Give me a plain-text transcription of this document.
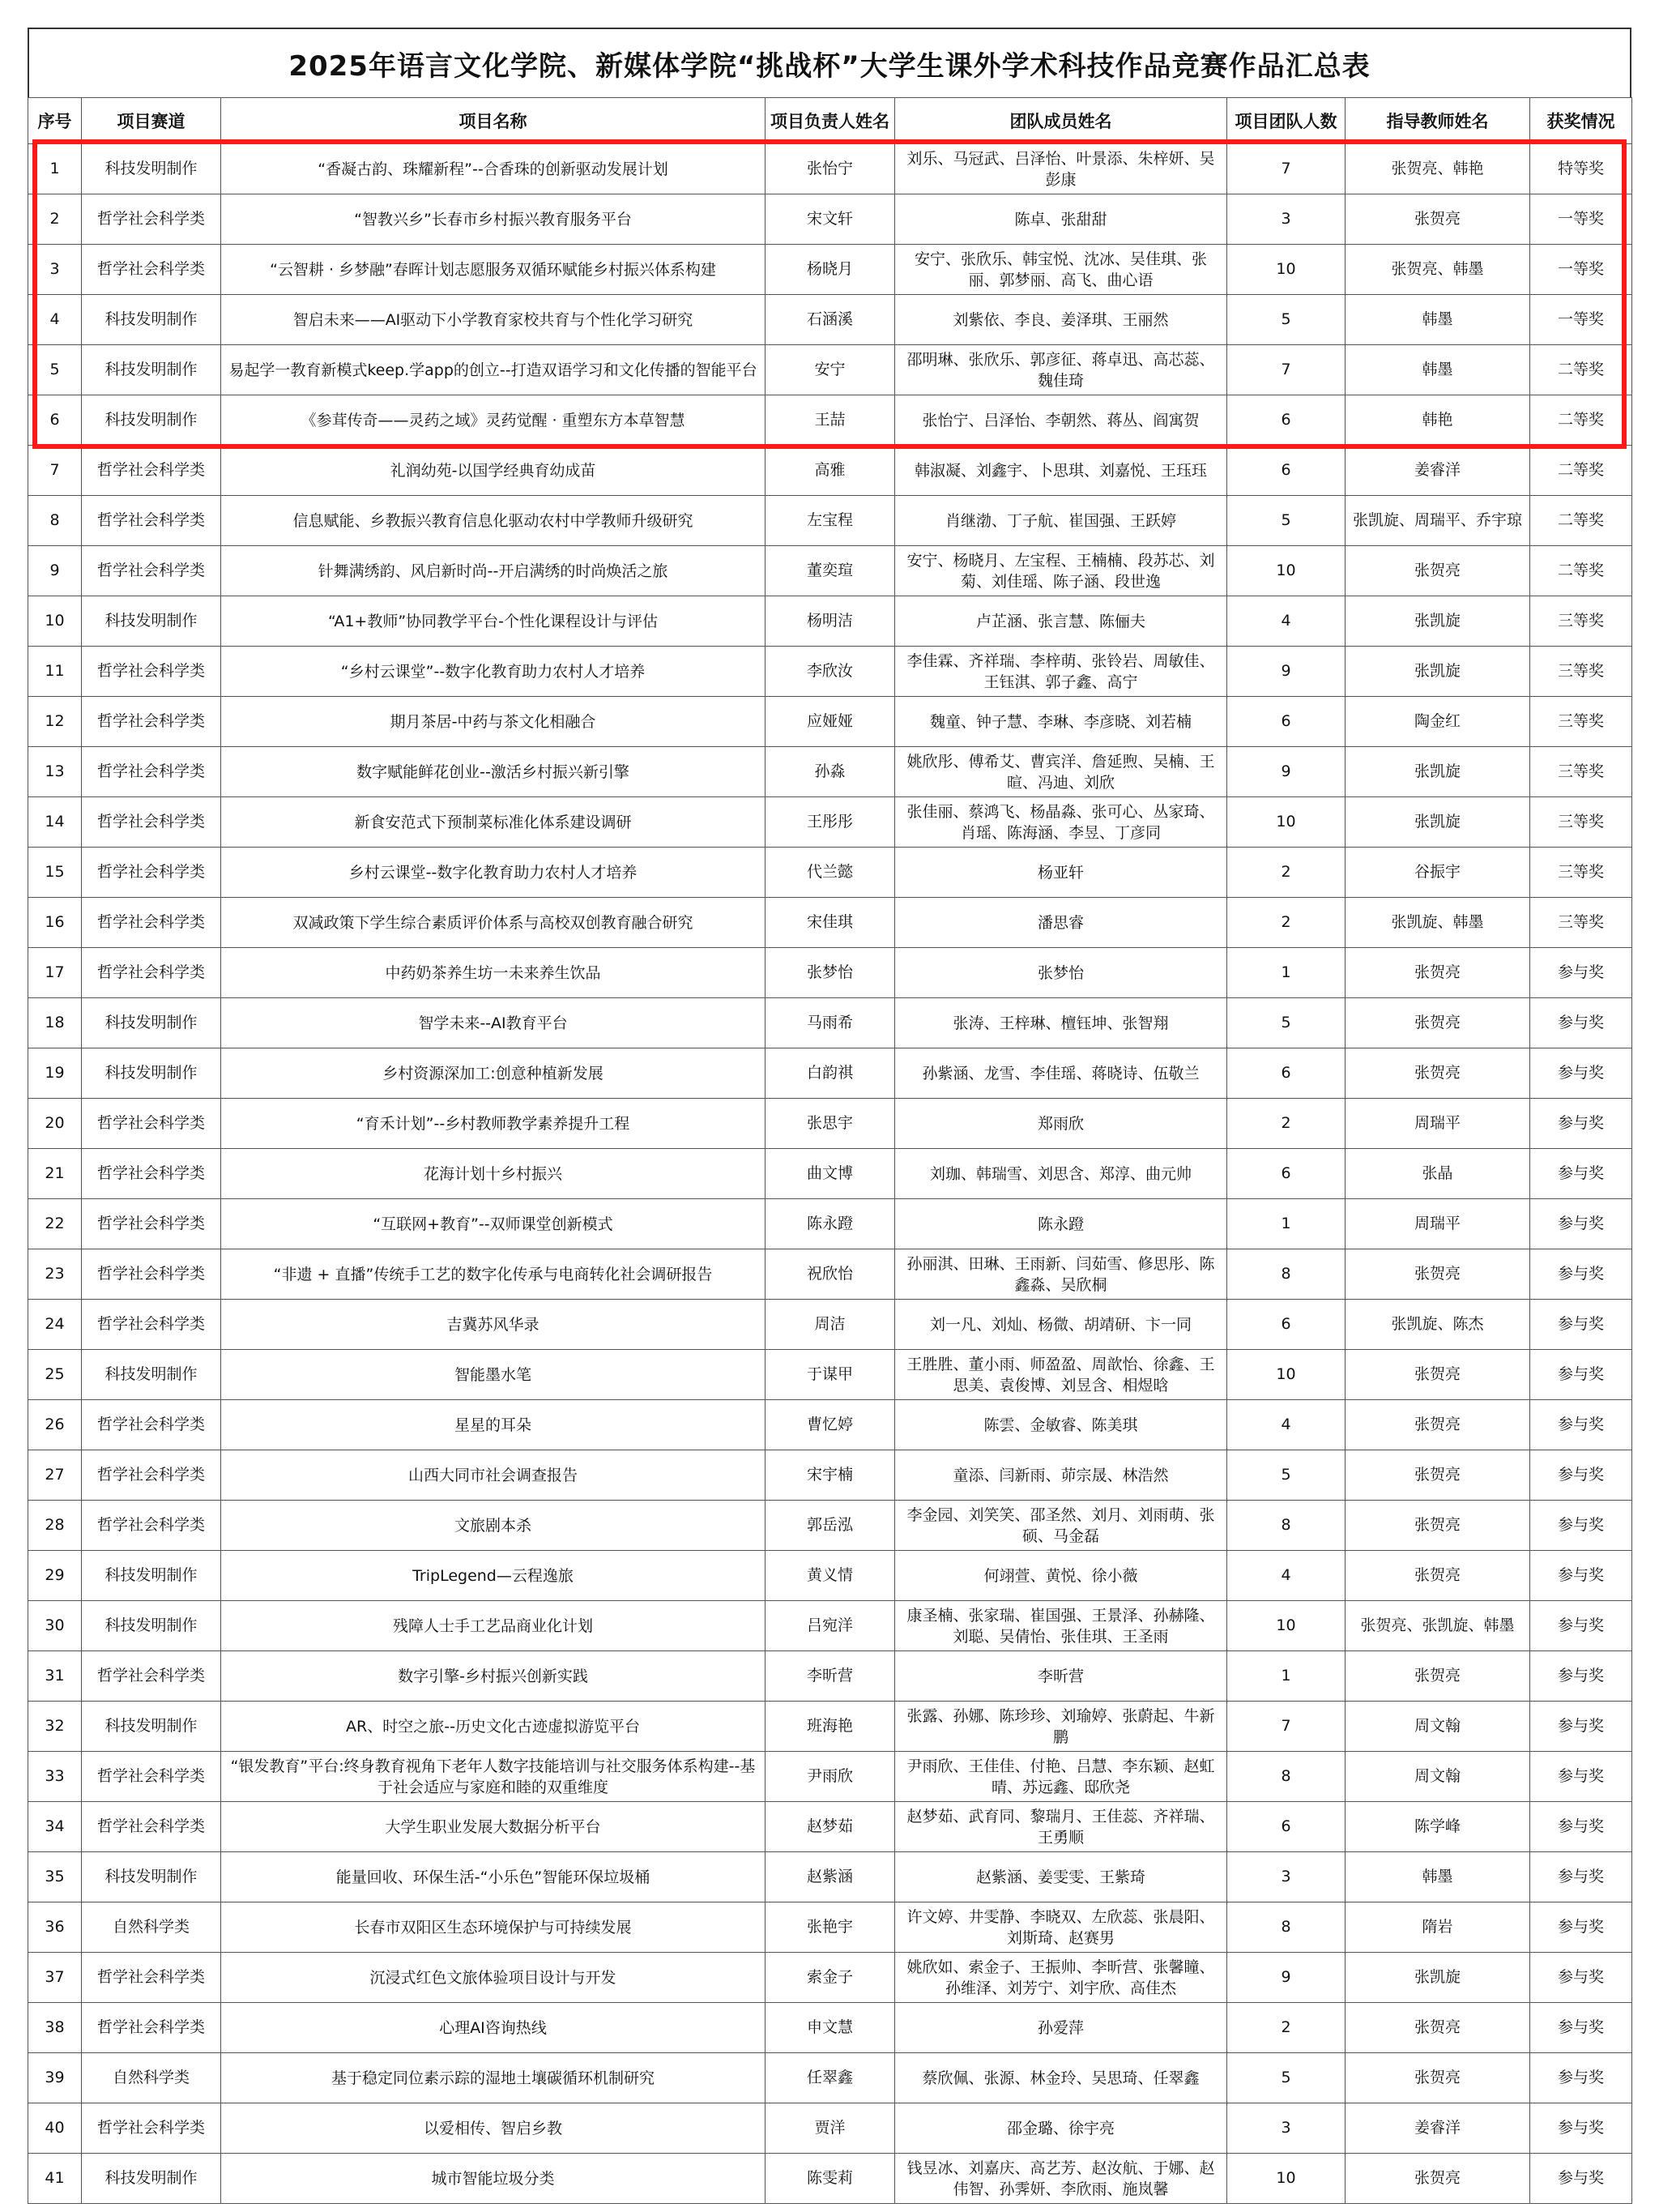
2025年语言文化学院、新媒体学院“挑战杯”大学生课外学术科技作品竞赛作品汇总表
序号	项目赛道	项目名称	项目负责人姓名	团队成员姓名	项目团队人数	指导教师姓名	获奖情况
1	科技发明制作	“香凝古韵、珠耀新程”--合香珠的创新驱动发展计划	张怡宁	刘乐、马冠武、吕泽怡、叶景添、朱梓妍、吴彭康	7	张贺亮、韩艳	特等奖
2	哲学社会科学类	“智教兴乡”长春市乡村振兴教育服务平台	宋文轩	陈卓、张甜甜	3	张贺亮	一等奖
3	哲学社会科学类	“云智耕 · 乡梦融”春晖计划志愿服务双循环赋能乡村振兴体系构建	杨晓月	安宁、张欣乐、韩宝悦、沈冰、吴佳琪、张丽、郭梦丽、高飞、曲心语	10	张贺亮、韩墨	一等奖
4	科技发明制作	智启未来——AI驱动下小学教育家校共育与个性化学习研究	石涵溪	刘紫依、李良、姜泽琪、王丽然	5	韩墨	一等奖
5	科技发明制作	易起学一教育新模式keep.学app的创立--打造双语学习和文化传播的智能平台	安宁	邵明琳、张欣乐、郭彦征、蒋卓迅、高芯蕊、魏佳琦	7	韩墨	二等奖
6	科技发明制作	《参茸传奇——灵药之域》灵药觉醒 · 重塑东方本草智慧	王喆	张怡宁、吕泽怡、李朝然、蒋丛、阎寓贺	6	韩艳	二等奖
7	哲学社会科学类	礼润幼苑-以国学经典育幼成苗	高雅	韩淑凝、刘鑫宇、卜思琪、刘嘉悦、王珏珏	6	姜睿洋	二等奖
8	哲学社会科学类	信息赋能、乡教振兴教育信息化驱动农村中学教师升级研究	左宝程	肖继渤、丁子航、崔国强、王跃婷	5	张凯旋、周瑞平、乔宇琼	二等奖
9	哲学社会科学类	针舞满绣韵、风启新时尚--开启满绣的时尚焕活之旅	董奕瑄	安宁、杨晓月、左宝程、王楠楠、段苏芯、刘菊、刘佳瑶、陈子涵、段世逸	10	张贺亮	二等奖
10	科技发明制作	“A1+教师”协同教学平台-个性化课程设计与评估	杨明洁	卢芷涵、张言慧、陈俪夫	4	张凯旋	三等奖
11	哲学社会科学类	“乡村云课堂”--数字化教育助力农村人才培养	李欣汝	李佳霖、齐祥瑞、李梓萌、张铃岩、周敏佳、王钰淇、郭子鑫、高宁	9	张凯旋	三等奖
12	哲学社会科学类	期月茶居-中药与茶文化相融合	应娅娅	魏童、钟子慧、李琳、李彦晓、刘若楠	6	陶金红	三等奖
13	哲学社会科学类	数字赋能鲜花创业--激活乡村振兴新引擎	孙淼	姚欣彤、傅希艾、曹宾洋、詹延煦、吴楠、王暄、冯迪、刘欣	9	张凯旋	三等奖
14	哲学社会科学类	新食安范式下预制菜标准化体系建设调研	王彤彤	张佳丽、蔡鸿飞、杨晶淼、张可心、丛家琦、肖瑶、陈海涵、李昱、丁彦同	10	张凯旋	三等奖
15	哲学社会科学类	乡村云课堂--数字化教育助力农村人才培养	代兰懿	杨亚轩	2	谷振宇	三等奖
16	哲学社会科学类	双减政策下学生综合素质评价体系与高校双创教育融合研究	宋佳琪	潘思睿	2	张凯旋、韩墨	三等奖
17	哲学社会科学类	中药奶茶养生坊一未来养生饮品	张梦怡	张梦怡	1	张贺亮	参与奖
18	科技发明制作	智学未来--AI教育平台	马雨希	张涛、王梓琳、檀钰坤、张智翔	5	张贺亮	参与奖
19	科技发明制作	乡村资源深加工:创意种植新发展	白韵祺	孙紫涵、龙雪、李佳瑶、蒋晓诗、伍敬兰	6	张贺亮	参与奖
20	哲学社会科学类	“育禾计划”--乡村教师教学素养提升工程	张思宇	郑雨欣	2	周瑞平	参与奖
21	哲学社会科学类	花海计划十乡村振兴	曲文博	刘珈、韩瑞雪、刘思含、郑淳、曲元帅	6	张晶	参与奖
22	哲学社会科学类	“互联网+教育”--双师课堂创新模式	陈永蹬	陈永蹬	1	周瑞平	参与奖
23	哲学社会科学类	“非遗 + 直播”传统手工艺的数字化传承与电商转化社会调研报告	祝欣怡	孙丽淇、田琳、王雨新、闫茹雪、修思彤、陈鑫淼、吴欣桐	8	张贺亮	参与奖
24	哲学社会科学类	吉冀苏风华录	周洁	刘一凡、刘灿、杨微、胡靖研、卞一同	6	张凯旋、陈杰	参与奖
25	科技发明制作	智能墨水笔	于谋甲	王胜胜、董小雨、师盈盈、周歆怡、徐鑫、王思美、袁俊博、刘昱含、相煜晗	10	张贺亮	参与奖
26	哲学社会科学类	星星的耳朵	曹忆婷	陈雲、金敏睿、陈美琪	4	张贺亮	参与奖
27	哲学社会科学类	山西大同市社会调查报告	宋宇楠	童添、闫新雨、茆宗晟、林浩然	5	张贺亮	参与奖
28	哲学社会科学类	文旅剧本杀	郭岳泓	李金园、刘笑笑、邵圣然、刘月、刘雨萌、张硕、马金磊	8	张贺亮	参与奖
29	科技发明制作	TripLegend—云程逸旅	黄义情	何翊萱、黄悦、徐小薇	4	张贺亮	参与奖
30	科技发明制作	残障人士手工艺品商业化计划	吕宛洋	康圣楠、张家瑞、崔国强、王景泽、孙赫隆、刘聪、吴倩怡、张佳琪、王圣雨	10	张贺亮、张凯旋、韩墨	参与奖
31	哲学社会科学类	数字引擎-乡村振兴创新实践	李昕营	李昕营	1	张贺亮	参与奖
32	科技发明制作	AR、时空之旅--历史文化古迹虚拟游览平台	班海艳	张露、孙娜、陈珍珍、刘瑜婷、张蔚起、牛新鹏	7	周文翰	参与奖
33	哲学社会科学类	“银发教育”平台:终身教育视角下老年人数字技能培训与社交服务体系构建--基于社会适应与家庭和睦的双重维度	尹雨欣	尹雨欣、王佳佳、付艳、吕慧、李东颖、赵虹晴、苏远鑫、邸欣尧	8	周文翰	参与奖
34	哲学社会科学类	大学生职业发展大数据分析平台	赵梦茹	赵梦茹、武育同、黎瑞月、王佳蕊、齐祥瑞、王勇顺	6	陈学峰	参与奖
35	科技发明制作	能量回收、环保生活-“小乐色”智能环保垃圾桶	赵紫涵	赵紫涵、姜雯雯、王紫琦	3	韩墨	参与奖
36	自然科学类	长春市双阳区生态环境保护与可持续发展	张艳宇	许文婷、井雯静、李晓双、左欣蕊、张晨阳、刘斯琦、赵赛男	8	隋岩	参与奖
37	哲学社会科学类	沉浸式红色文旅体验项目设计与开发	索金子	姚欣如、索金子、王振帅、李昕营、张馨瞳、孙维泽、刘芳宁、刘宇欣、高佳杰	9	张凯旋	参与奖
38	哲学社会科学类	心理AI咨询热线	申文慧	孙爱萍	2	张贺亮	参与奖
39	自然科学类	基于稳定同位素示踪的湿地土壤碳循环机制研究	任翠鑫	蔡欣佩、张源、林金玲、吴思琦、任翠鑫	5	张贺亮	参与奖
40	哲学社会科学类	以爱相传、智启乡教	贾洋	邵金璐、徐宇亮	3	姜睿洋	参与奖
41	科技发明制作	城市智能垃圾分类	陈雯莉	钱昱冰、刘嘉庆、高艺芳、赵汝航、于娜、赵伟智、孙霁妍、李欣雨、施岚馨	10	张贺亮	参与奖
